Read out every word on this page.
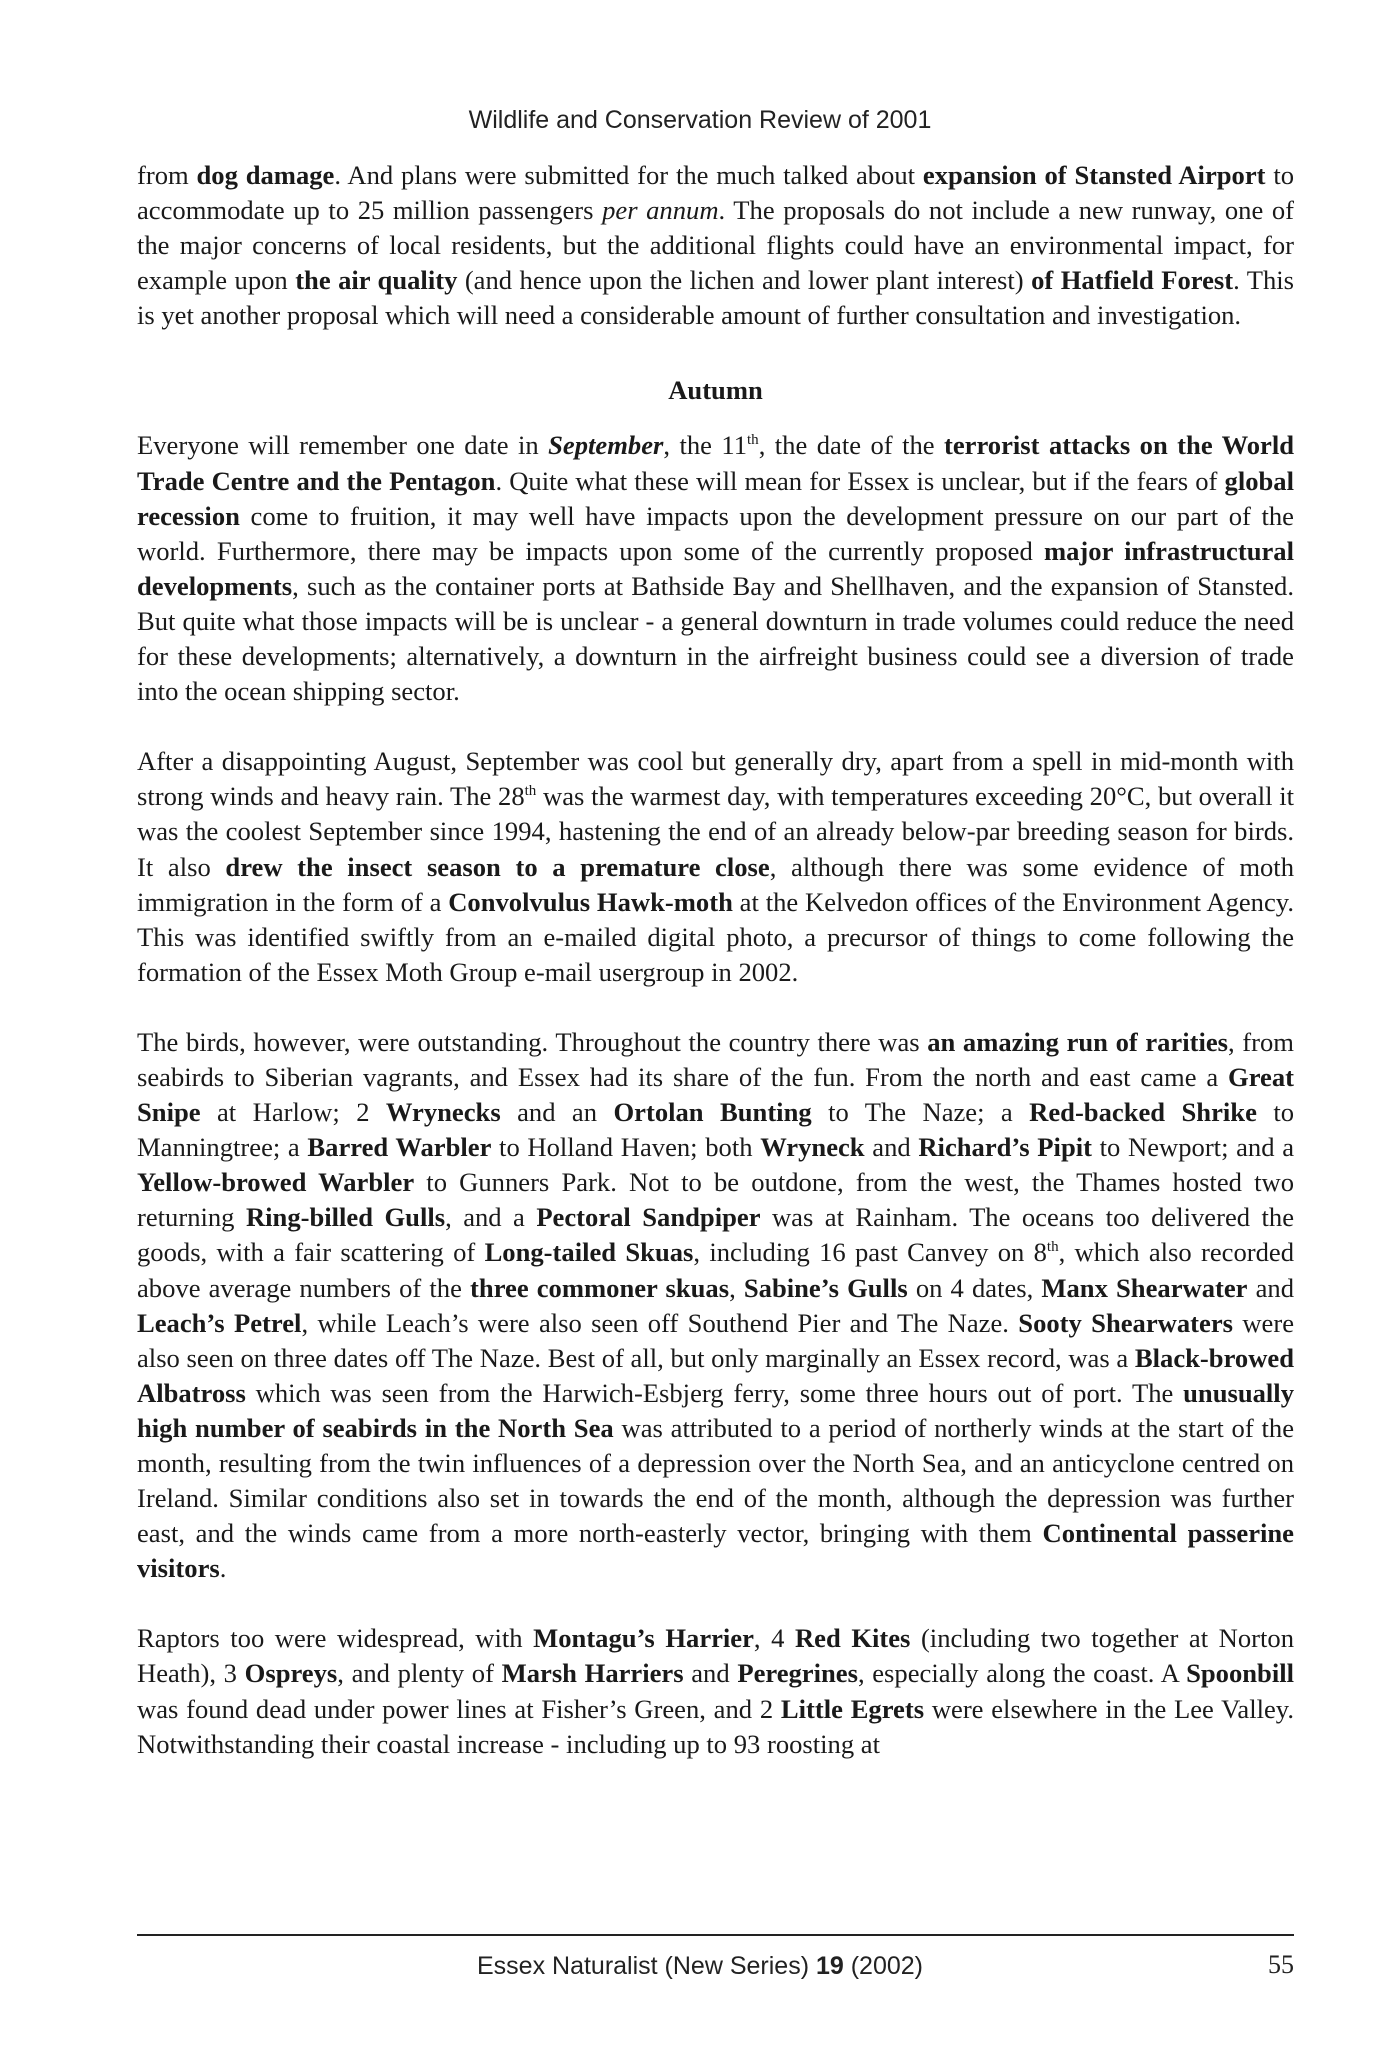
Wildlife and Conservation Review of 2001

from dog damage. And plans were submitted for the much talked about expansion of Stansted Airport to accommodate up to 25 million passengers per annum. The proposals do not include a new runway, one of the major concerns of local residents, but the additional flights could have an environmental impact, for example upon the air quality (and hence upon the lichen and lower plant interest) of Hatfield Forest. This is yet another proposal which will need a considerable amount of further consultation and investigation.

Autumn

Everyone will remember one date in September, the 11th, the date of the terrorist attacks on the World Trade Centre and the Pentagon. Quite what these will mean for Essex is unclear, but if the fears of global recession come to fruition, it may well have impacts upon the development pressure on our part of the world. Furthermore, there may be impacts upon some of the currently proposed major infrastructural developments, such as the container ports at Bathside Bay and Shellhaven, and the expansion of Stansted. But quite what those impacts will be is unclear - a general downturn in trade volumes could reduce the need for these developments; alternatively, a downturn in the airfreight business could see a diversion of trade into the ocean shipping sector.

After a disappointing August, September was cool but generally dry, apart from a spell in mid-month with strong winds and heavy rain. The 28th was the warmest day, with temperatures exceeding 20°C, but overall it was the coolest September since 1994, hastening the end of an already below-par breeding season for birds. It also drew the insect season to a premature close, although there was some evidence of moth immigration in the form of a Convolvulus Hawk-moth at the Kelvedon offices of the Environment Agency. This was identified swiftly from an e-mailed digital photo, a precursor of things to come following the formation of the Essex Moth Group e-mail usergroup in 2002.

The birds, however, were outstanding. Throughout the country there was an amazing run of rarities, from seabirds to Siberian vagrants, and Essex had its share of the fun. From the north and east came a Great Snipe at Harlow; 2 Wrynecks and an Ortolan Bunting to The Naze; a Red-backed Shrike to Manningtree; a Barred Warbler to Holland Haven; both Wryneck and Richard’s Pipit to Newport; and a Yellow-browed Warbler to Gunners Park. Not to be outdone, from the west, the Thames hosted two returning Ring-billed Gulls, and a Pectoral Sandpiper was at Rainham. The oceans too delivered the goods, with a fair scattering of Long-tailed Skuas, including 16 past Canvey on 8th, which also recorded above average numbers of the three commoner skuas, Sabine’s Gulls on 4 dates, Manx Shearwater and Leach’s Petrel, while Leach’s were also seen off Southend Pier and The Naze. Sooty Shearwaters were also seen on three dates off The Naze. Best of all, but only marginally an Essex record, was a Black-browed Albatross which was seen from the Harwich-Esbjerg ferry, some three hours out of port. The unusually high number of seabirds in the North Sea was attributed to a period of northerly winds at the start of the month, resulting from the twin influences of a depression over the North Sea, and an anticyclone centred on Ireland. Similar conditions also set in towards the end of the month, although the depression was further east, and the winds came from a more north-easterly vector, bringing with them Continental passerine visitors.

Raptors too were widespread, with Montagu’s Harrier, 4 Red Kites (including two together at Norton Heath), 3 Ospreys, and plenty of Marsh Harriers and Peregrines, especially along the coast. A Spoonbill was found dead under power lines at Fisher’s Green, and 2 Little Egrets were elsewhere in the Lee Valley. Notwithstanding their coastal increase - including up to 93 roosting at

Essex Naturalist (New Series) 19 (2002)	55
